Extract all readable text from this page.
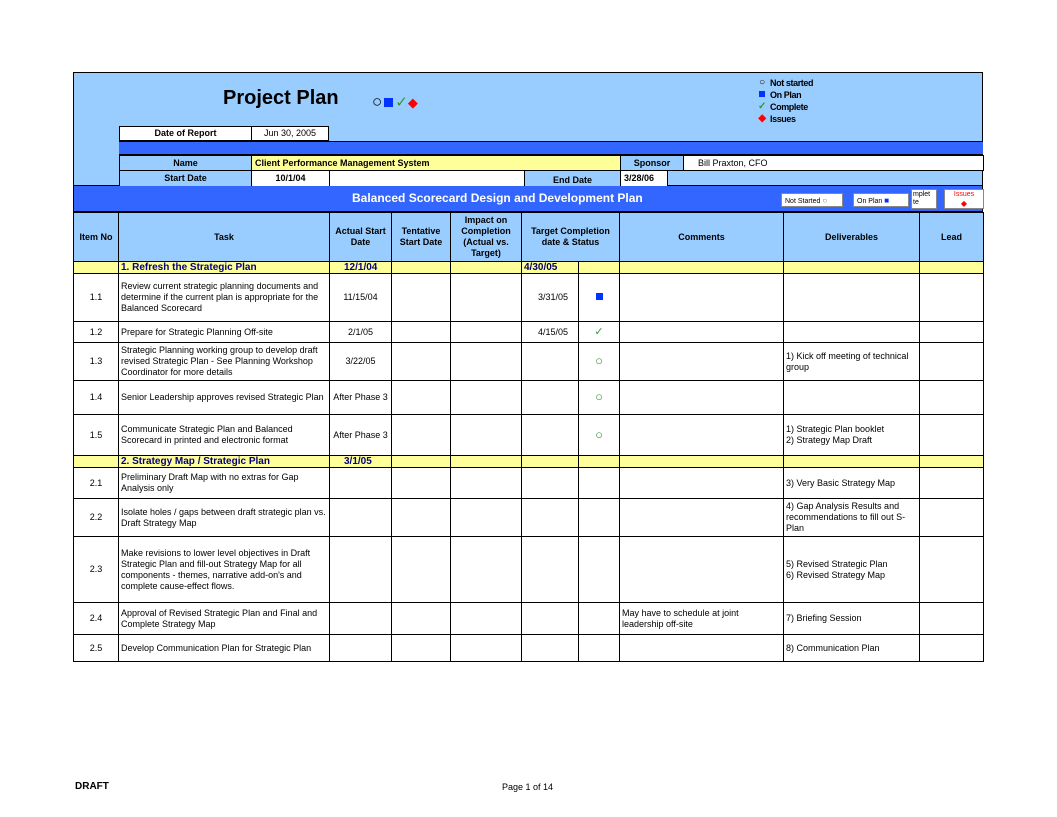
Project Plan ○ ✓◆
○ Not started
On Plan
✓ Complete
◆ Issues
Date of Report	Jun 30, 2005
Name	Client Performance Management System	Sponsor	Bill Praxton, CFO
Start Date	10/1/04	End Date	3/28/06
Balanced Scorecard Design and Development Plan	Not Started ○	On Plan ■
mplet te
Issues
◆
Item No	Task	Actual Start Date	Tentative Start Date	Impact on Completion (Actual vs. Target)	Target Completion date & Status		Comments	Deliverables	Lead
	1. Refresh the Strategic Plan	12/1/04			4/30/05				
1.1	Review current strategic planning documents and determine if the current plan is appropriate for the Balanced Scorecard	11/15/04			3/31/05				
1.2	Prepare for Strategic Planning Off-site	2/1/05			4/15/05	✓			
1.3	Strategic Planning working group to develop draft revised Strategic Plan - See Planning Workshop Coordinator for more details	3/22/05				○		1) Kick off meeting of technical group	
1.4	Senior Leadership approves revised Strategic Plan	After Phase 3				○			
1.5	Communicate Strategic Plan and Balanced Scorecard in printed and electronic format	After Phase 3				○		1) Strategic Plan booklet
2) Strategy Map Draft	
	2. Strategy Map / Strategic Plan	3/1/05							
2.1	Preliminary Draft Map with no extras for Gap Analysis only							3) Very Basic Strategy Map	
2.2	Isolate holes / gaps between draft strategic plan vs. Draft Strategy Map							4) Gap Analysis Results and recommendations to fill out S-Plan	
2.3	Make revisions to lower level objectives in Draft Strategic Plan and fill-out Strategy Map for all components - themes, narrative add-on's and complete cause-effect flows.							5) Revised Strategic Plan
6) Revised Strategy Map	
2.4	Approval of Revised Strategic Plan and Final and Complete Strategy Map						May have to schedule at joint leadership off-site	7) Briefing Session	
2.5	Develop Communication Plan for Strategic Plan							8) Communication Plan	
DRAFT	Page 1 of 14
